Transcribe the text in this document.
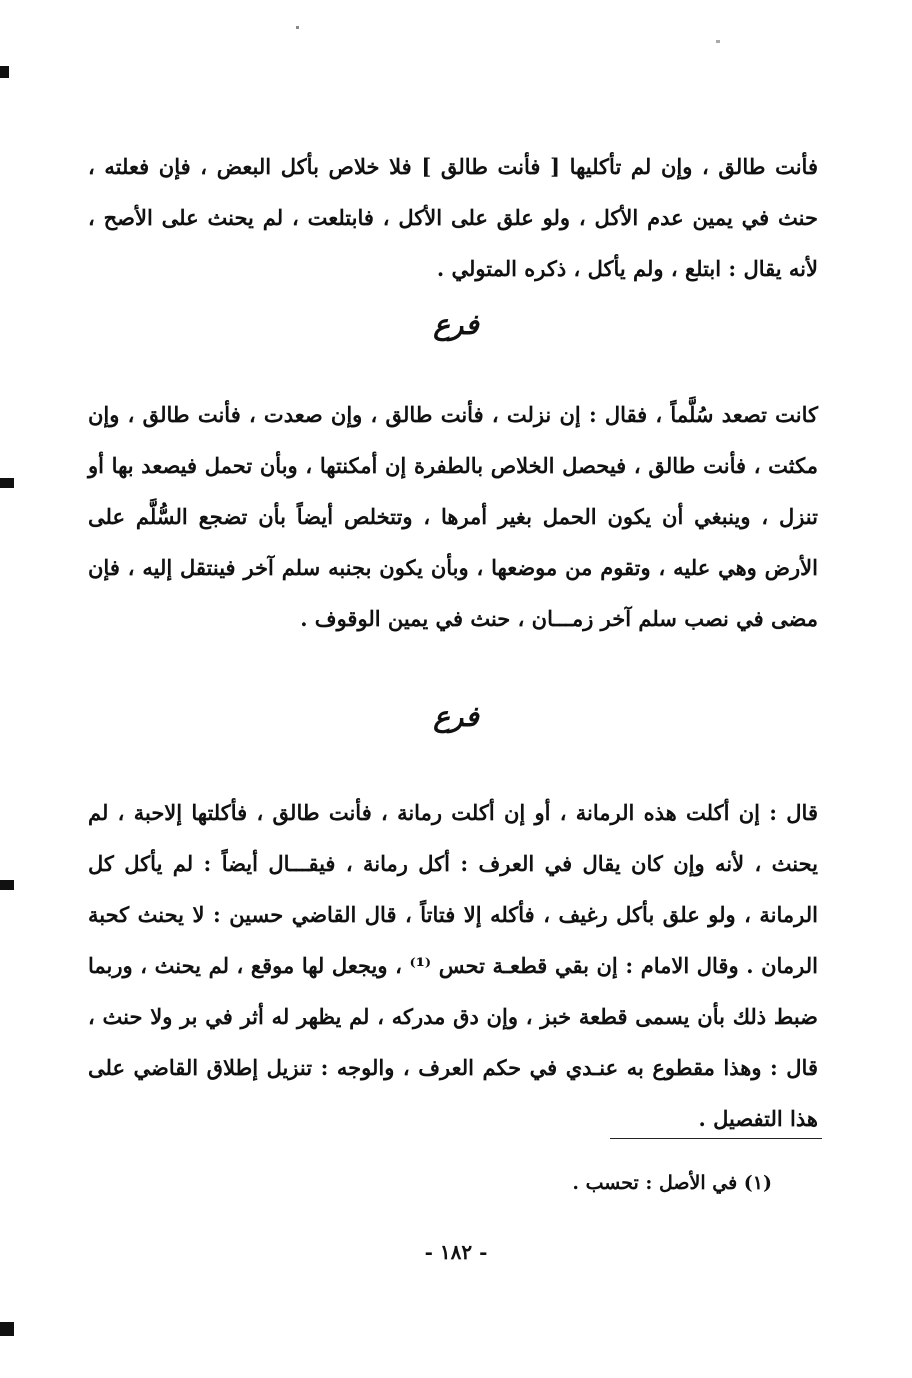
فأنت طالق ، وإن لم تأكليها [ فأنت طالق ] فلا خلاص بأكل البعض ، فإن فعلته ، حنث في يمين عدم الأكل ، ولو علق على الأكل ، فابتلعت ، لم يحنث على الأصح ، لأنه يقال : ابتلع ، ولم يأكل ، ذكره المتولي .

فرع

كانت تصعد سُلَّماً ، فقال : إن نزلت ، فأنت طالق ، وإن صعدت ، فأنت طالق ، وإن مكثت ، فأنت طالق ، فيحصل الخلاص بالطفرة إن أمكنتها ، وبأن تحمل فيصعد بها أو تنزل ، وينبغي أن يكون الحمل بغير أمرها ، وتتخلص أيضاً بأن تضجع السُّلَّم على الأرض وهي عليه ، وتقوم من موضعها ، وبأن يكون بجنبه سلم آخر فينتقل إليه ، فإن مضى في نصب سلم آخر زمـــان ، حنث في يمين الوقوف .

فرع

قال : إن أكلت هذه الرمانة ، أو إن أكلت رمانة ، فأنت طالق ، فأكلتها إلاحبة ، لم يحنث ، لأنه وإن كان يقال في العرف : أكل رمانة ، فيقـــال أيضاً : لم يأكل كل الرمانة ، ولو علق بأكل رغيف ، فأكله إلا فتاتاً ، قال القاضي حسين : لا يحنث كحبة الرمان . وقال الامام : إن بقي قطعـة تحس ⁽¹⁾ ، ويجعل لها موقع ، لم يحنث ، وربما ضبط ذلك بأن يسمى قطعة خبز ، وإن دق مدركه ، لم يظهر له أثر في بر ولا حنث ، قال : وهذا مقطوع به عنـدي في حكم العرف ، والوجه : تنزيل إطلاق القاضي على هذا التفصيل .

(١) في الأصل : تحسب .
- ١٨٢ -
